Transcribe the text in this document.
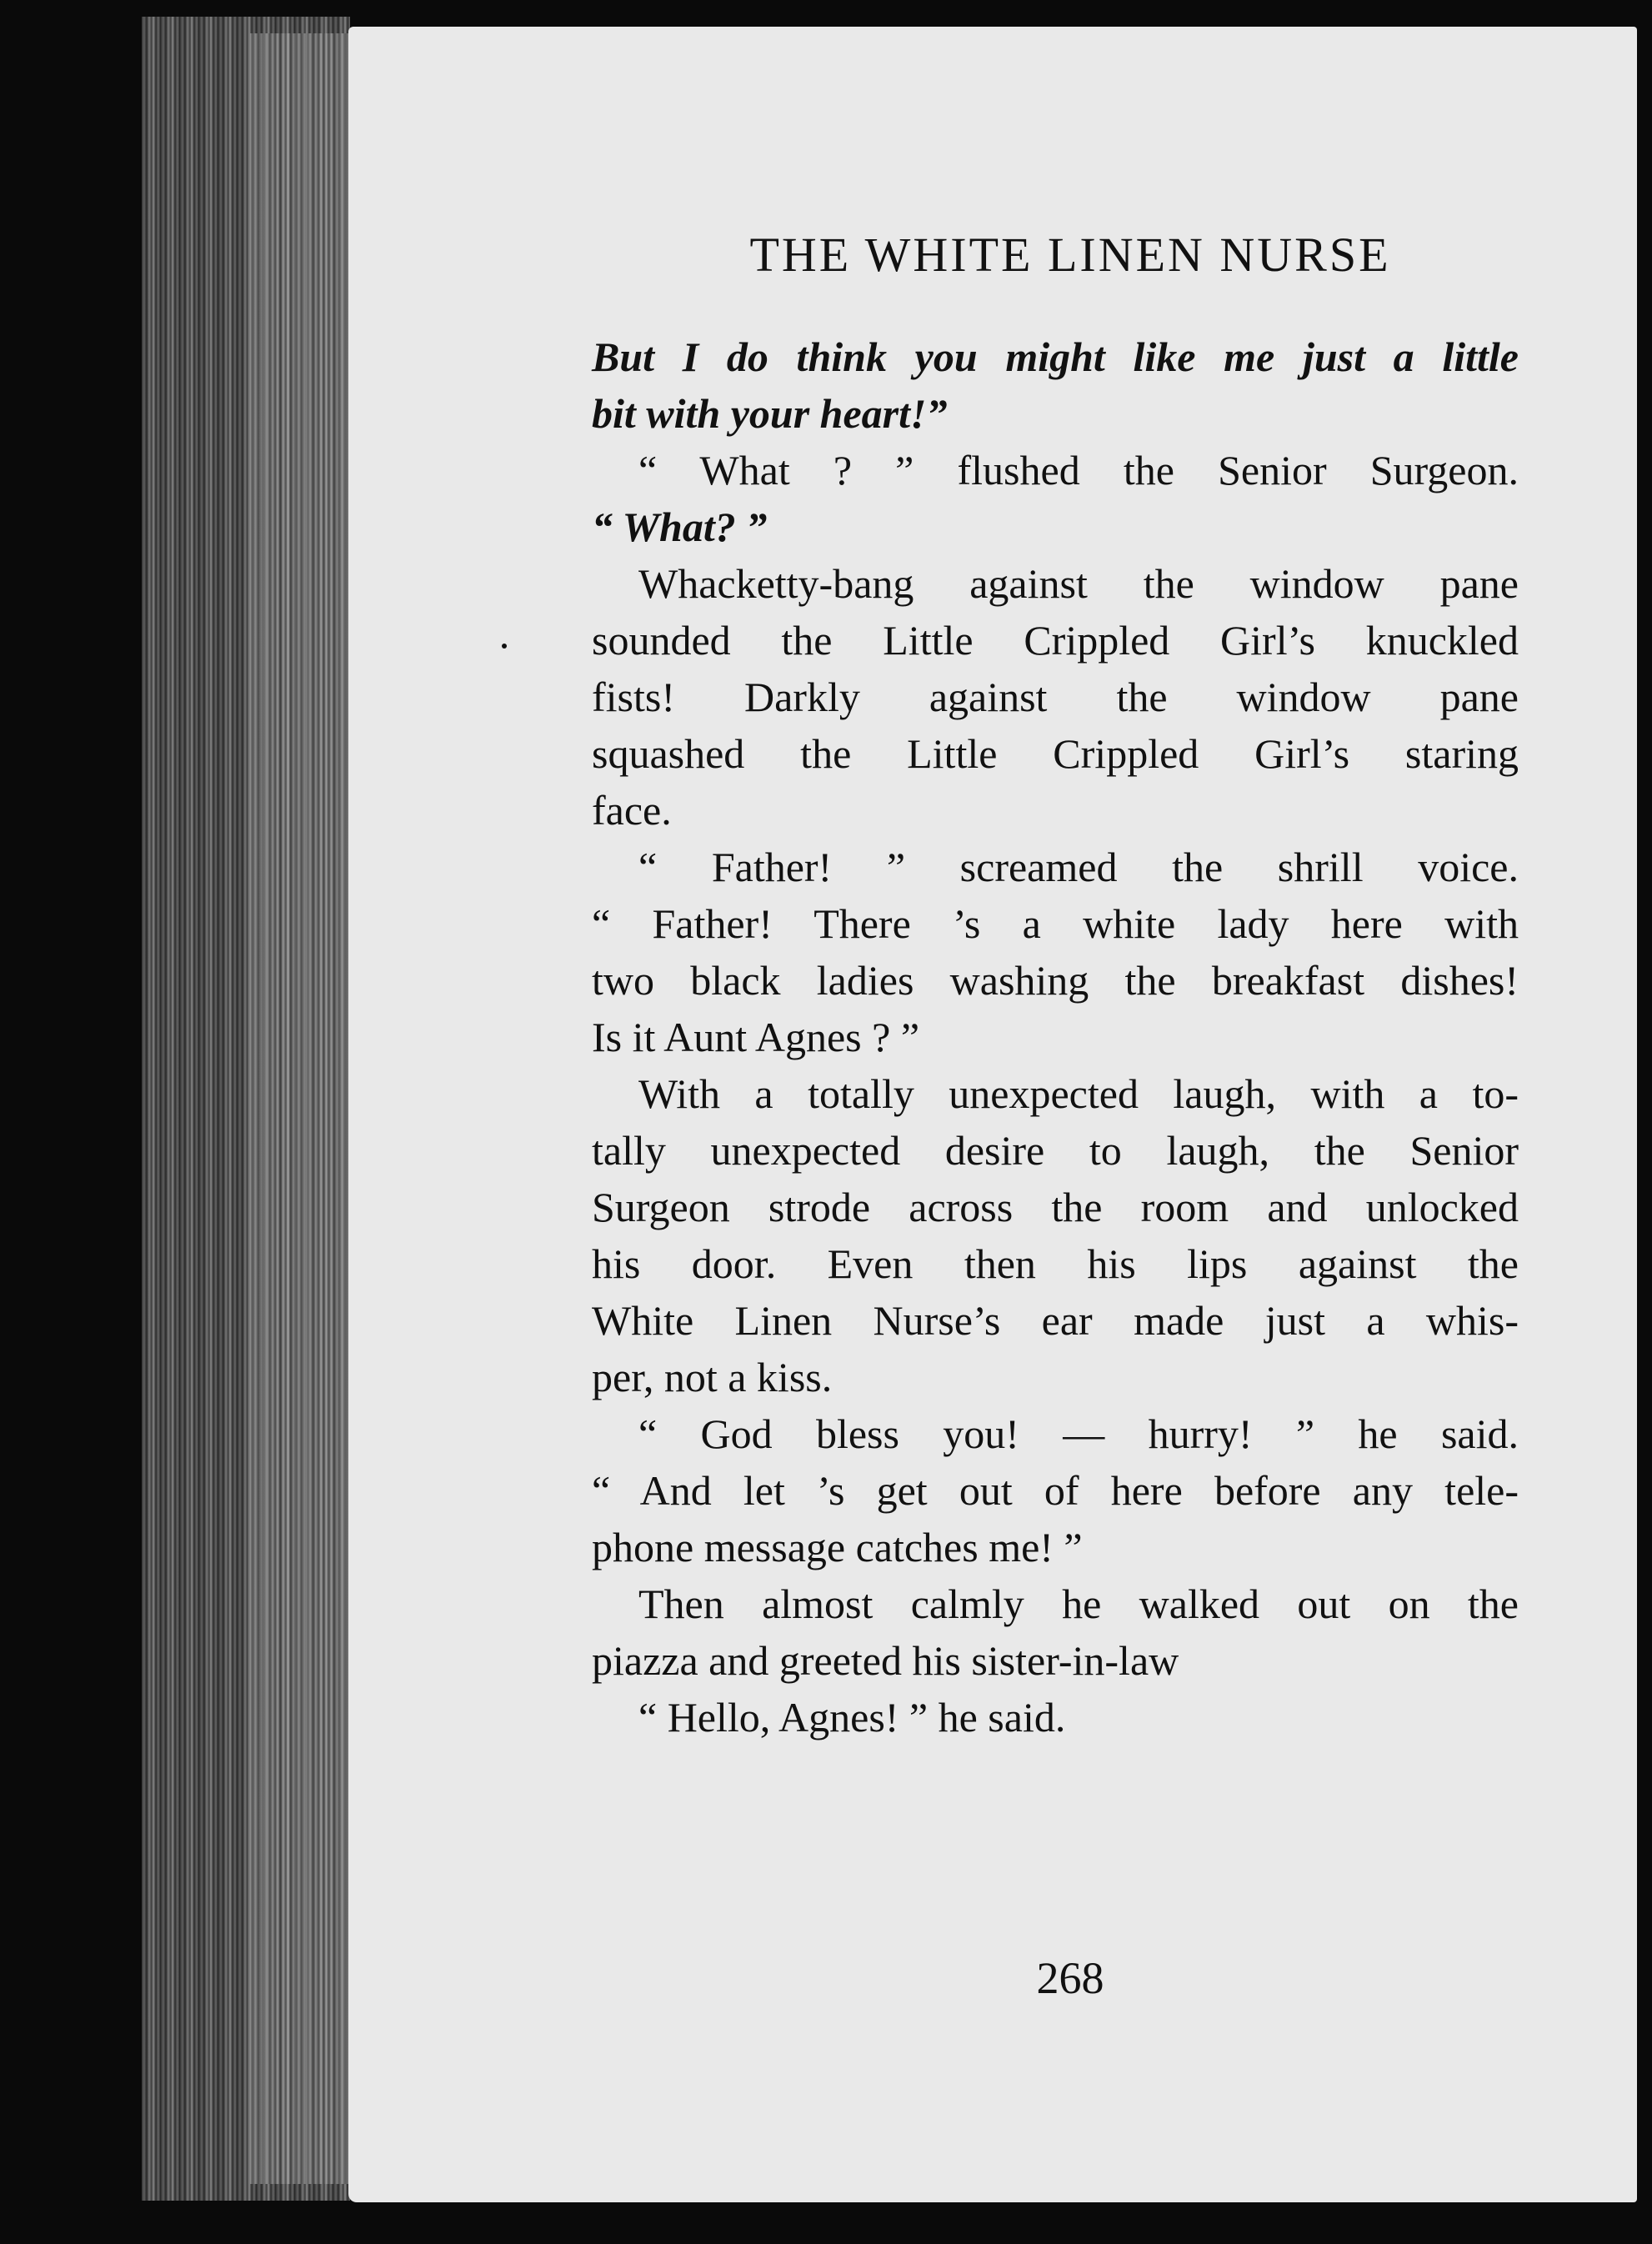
THE WHITE LINEN NURSE
But I do think you might like me just a little
bit with your heart!”
“ What ? ” flushed the Senior Surgeon.
“ What? ”
Whacketty-bang against the window pane
sounded the Little Crippled Girl’s knuckled
fists! Darkly against the window pane
squashed the Little Crippled Girl’s staring
face.
“ Father! ” screamed the shrill voice.
“ Father! There ’s a white lady here with
two black ladies washing the breakfast dishes!
Is it Aunt Agnes ? ”
With a totally unexpected laugh, with a to-
tally unexpected desire to laugh, the Senior
Surgeon strode across the room and unlocked
his door. Even then his lips against the
White Linen Nurse’s ear made just a whis-
per, not a kiss.
“ God bless you! — hurry! ” he said.
“ And let ’s get out of here before any tele-
phone message catches me! ”
Then almost calmly he walked out on the
piazza and greeted his sister-in-law
“ Hello, Agnes! ” he said.
268
